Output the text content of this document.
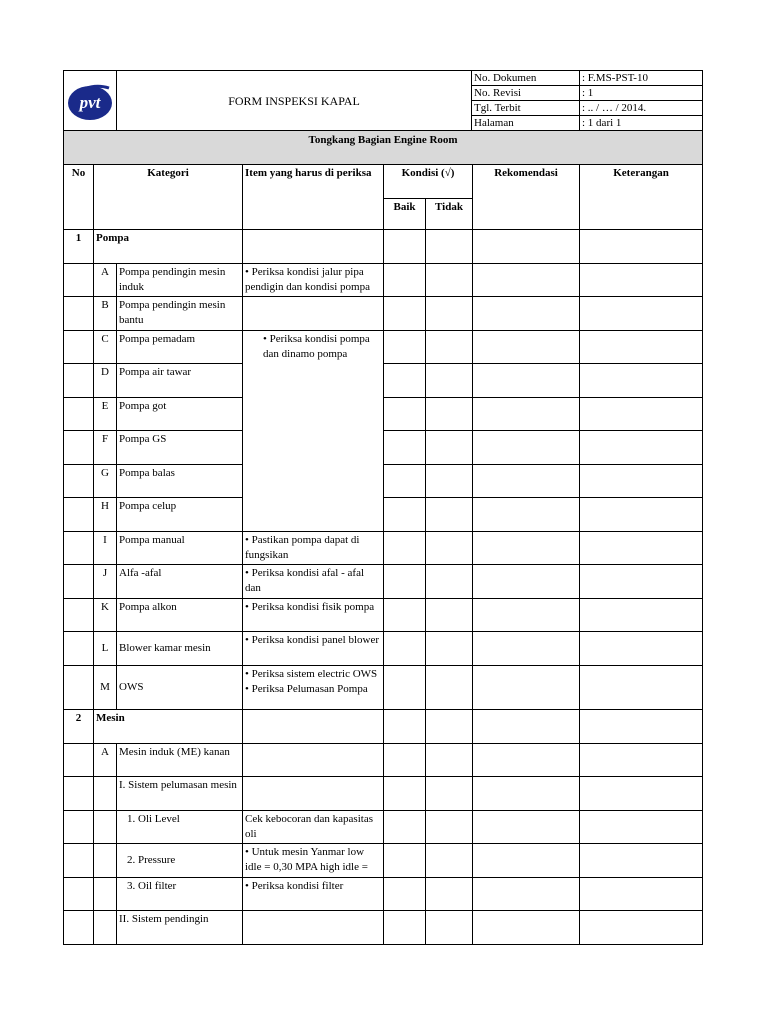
pvt	FORM INSPEKSI KAPAL	No. Dokumen	: F.MS-PST-10
		No. Revisi	: 1
		Tgl. Terbit	: .. / … / 2014.
		Halaman	: 1 dari 1
Tongkang Bagian Engine Room							
No	Kategori		Item yang harus di periksa	Kondisi (√)		Rekomendasi	Keterangan
				Baik	Tidak		
1	Pompa						
	A	Pompa pendingin mesin induk	• Periksa kondisi jalur pipa pendigin dan kondisi pompa				
	B	Pompa pendingin mesin bantu					
	C	Pompa pemadam	• Periksa kondisi pompa dan dinamo pompa				
	D	Pompa air tawar					
	E	Pompa got					
	F	Pompa GS					
	G	Pompa balas					
	H	Pompa celup					
	I	Pompa manual	• Pastikan pompa dapat di fungsikan				
	J	Alfa -afal	• Periksa kondisi afal - afal dan				
	K	Pompa alkon	• Periksa kondisi fisik pompa				
	L	Blower kamar mesin	• Periksa kondisi panel blower				
	M	OWS	• Periksa sistem electric OWS
• Periksa Pelumasan Pompa				

2	Mesin						
	A	Mesin induk (ME) kanan					
		I. Sistem pelumasan mesin					
		1. Oli Level	Cek kebocoran dan kapasitas oli				
		2. Pressure	• Untuk mesin Yanmar low idle = 0,30 MPA high idle =				
		3. Oil filter	• Periksa kondisi filter				
		II. Sistem pendingin					
